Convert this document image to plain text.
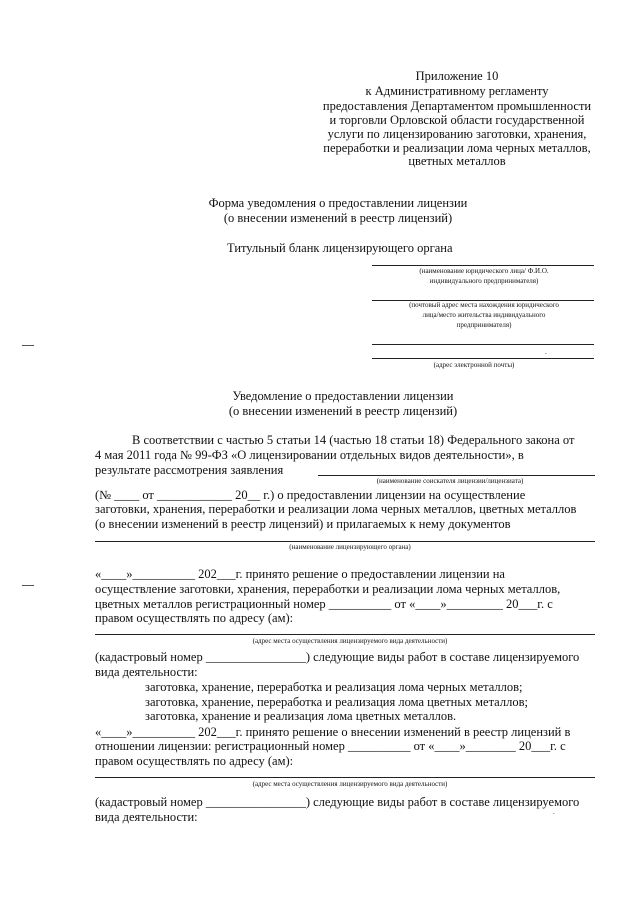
Приложение 10
к Административному регламенту
предоставления Департаментом промышленности
и торговли Орловской области государственной
услуги по лицензированию заготовки, хранения,
переработки и реализации лома черных металлов,
цветных металлов
Форма уведомления о предоставлении лицензии
(о внесении изменений в реестр лицензий)
Титульный бланк лицензирующего органа
(наименование юридического лица/ Ф.И.О.
индивидуального предпринимателя)
(почтовый адрес места нахождения юридического
лица/место жительства индивидуального
предпринимателя)
.
(адрес электронной почты)
Уведомление о предоставлении лицензии
(о внесении изменений в реестр лицензий)
В соответствии с частью 5 статьи 14 (частью 18 статьи 18) Федерального закона от
4 мая 2011 года № 99-ФЗ «О лицензировании отдельных видов деятельности», в
результате рассмотрения заявления
(наименование соискателя лицензии/лицензиата)
(№ ____ от ____________ 20__ г.) о предоставлении лицензии на осуществление
заготовки, хранения, переработки и реализации лома черных металлов, цветных металлов
(о внесении изменений в реестр лицензий) и прилагаемых к нему документов
(наименование лицензирующего органа)
«____»__________ 202___г. принято решение о предоставлении лицензии на
осуществление заготовки, хранения, переработки и реализации лома черных металлов,
цветных металлов регистрационный номер __________ от «____»_________ 20___г. с
правом осуществлять по адресу (ам):
(адрес места осуществления лицензируемого вида деятельности)
(кадастровый номер ________________) следующие виды работ в составе лицензируемого
вида деятельности:
заготовка, хранение, переработка и реализация лома черных металлов;
заготовка, хранение, переработка и реализация лома цветных металлов;
заготовка, хранение и реализация лома цветных металлов.
«____»__________ 202___г. принято решение о внесении изменений в реестр лицензий в
отношении лицензии: регистрационный номер __________ от «____»________ 20___г. с
правом осуществлять по адресу (ам):
(адрес места осуществления лицензируемого вида деятельности)
(кадастровый номер ________________) следующие виды работ в составе лицензируемого
.
вида деятельности:
